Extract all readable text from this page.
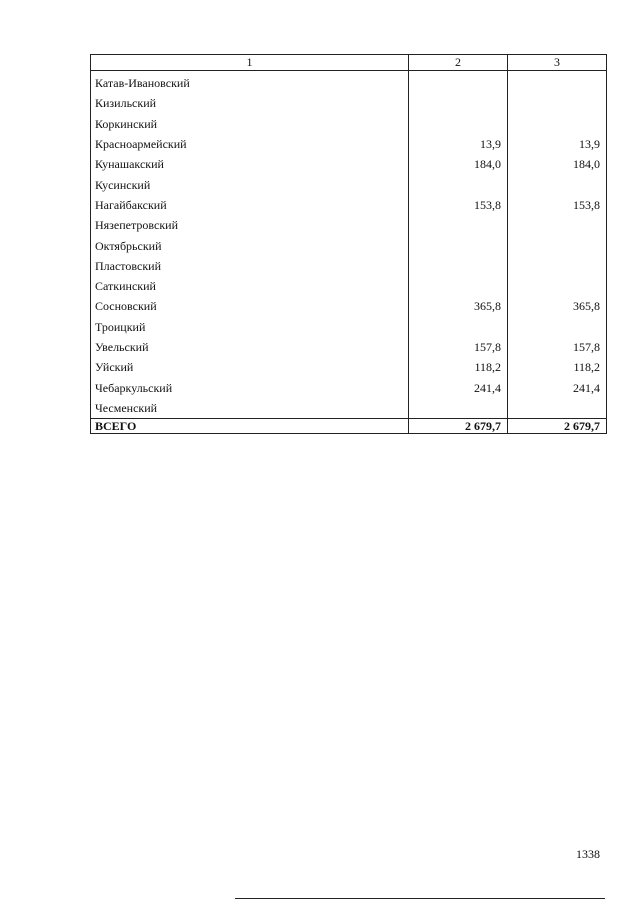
1	2	3
Катав-Ивановский		
Кизильский		
Коркинский		
Красноармейский	13,9	13,9
Кунашакский	184,0	184,0
Кусинский		
Нагайбакский	153,8	153,8
Нязепетровский		
Октябрьский		
Пластовский		
Саткинский		
Сосновский	365,8	365,8
Троицкий		
Увельский	157,8	157,8
Уйский	118,2	118,2
Чебаркульский	241,4	241,4
Чесменский		
ВСЕГО	2 679,7	2 679,7
1338
